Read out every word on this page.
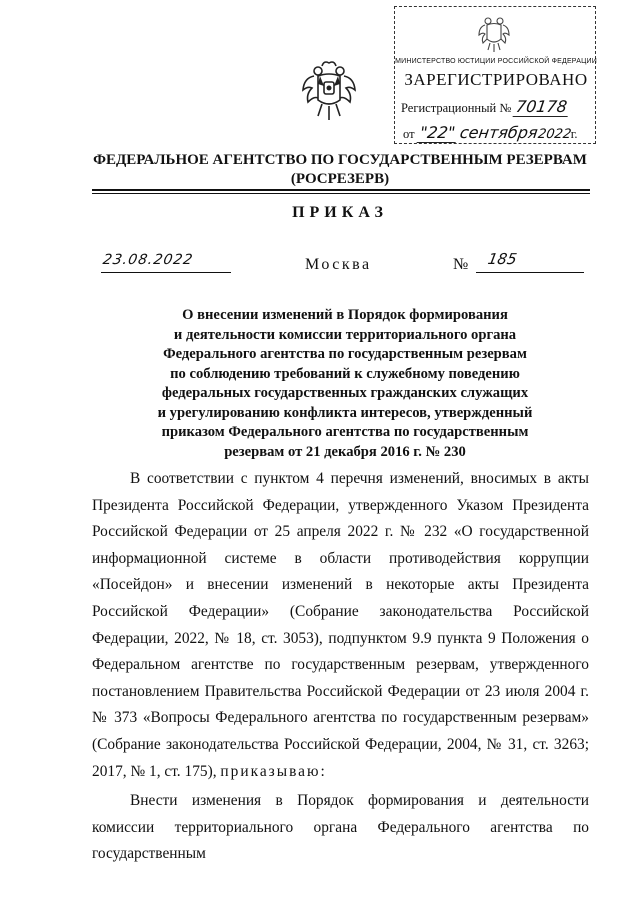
МИНИСТЕРСТВО ЮСТИЦИИ РОССИЙСКОЙ ФЕДЕРАЦИИ
ЗАРЕГИСТРИРОВАНО
Регистрационный № 70178
от "22" сентября2022г.
ФЕДЕРАЛЬНОЕ АГЕНТСТВО ПО ГОСУДАРСТВЕННЫМ РЕЗЕРВАМ
(РОСРЕЗЕРВ)
ПРИКАЗ
23.08.2022	Москва	№ 185
О внесении изменений в Порядок формирования
и деятельности комиссии территориального органа
Федерального агентства по государственным резервам
по соблюдению требований к служебному поведению
федеральных государственных гражданских служащих
и урегулированию конфликта интересов, утвержденный
приказом Федерального агентства по государственным
резервам от 21 декабря 2016 г. № 230

В соответствии с пунктом 4 перечня изменений, вносимых в акты Президента Российской Федерации, утвержденного Указом Президента Российской Федерации от 25 апреля 2022 г. № 232 «О государственной информационной системе в области противодействия коррупции «Посейдон» и внесении изменений в некоторые акты Президента Российской Федерации» (Собрание законодательства Российской Федерации, 2022, № 18, ст. 3053), подпунктом 9.9 пункта 9 Положения о Федеральном агентстве по государственным резервам, утвержденного постановлением Правительства Российской Федерации от 23 июля 2004 г. № 373 «Вопросы Федерального агентства по государственным резервам» (Собрание законодательства Российской Федерации, 2004, № 31, ст. 3263; 2017, № 1, ст. 175), приказываю:

Внести изменения в Порядок формирования и деятельности комиссии территориального органа Федерального агентства по государственным
